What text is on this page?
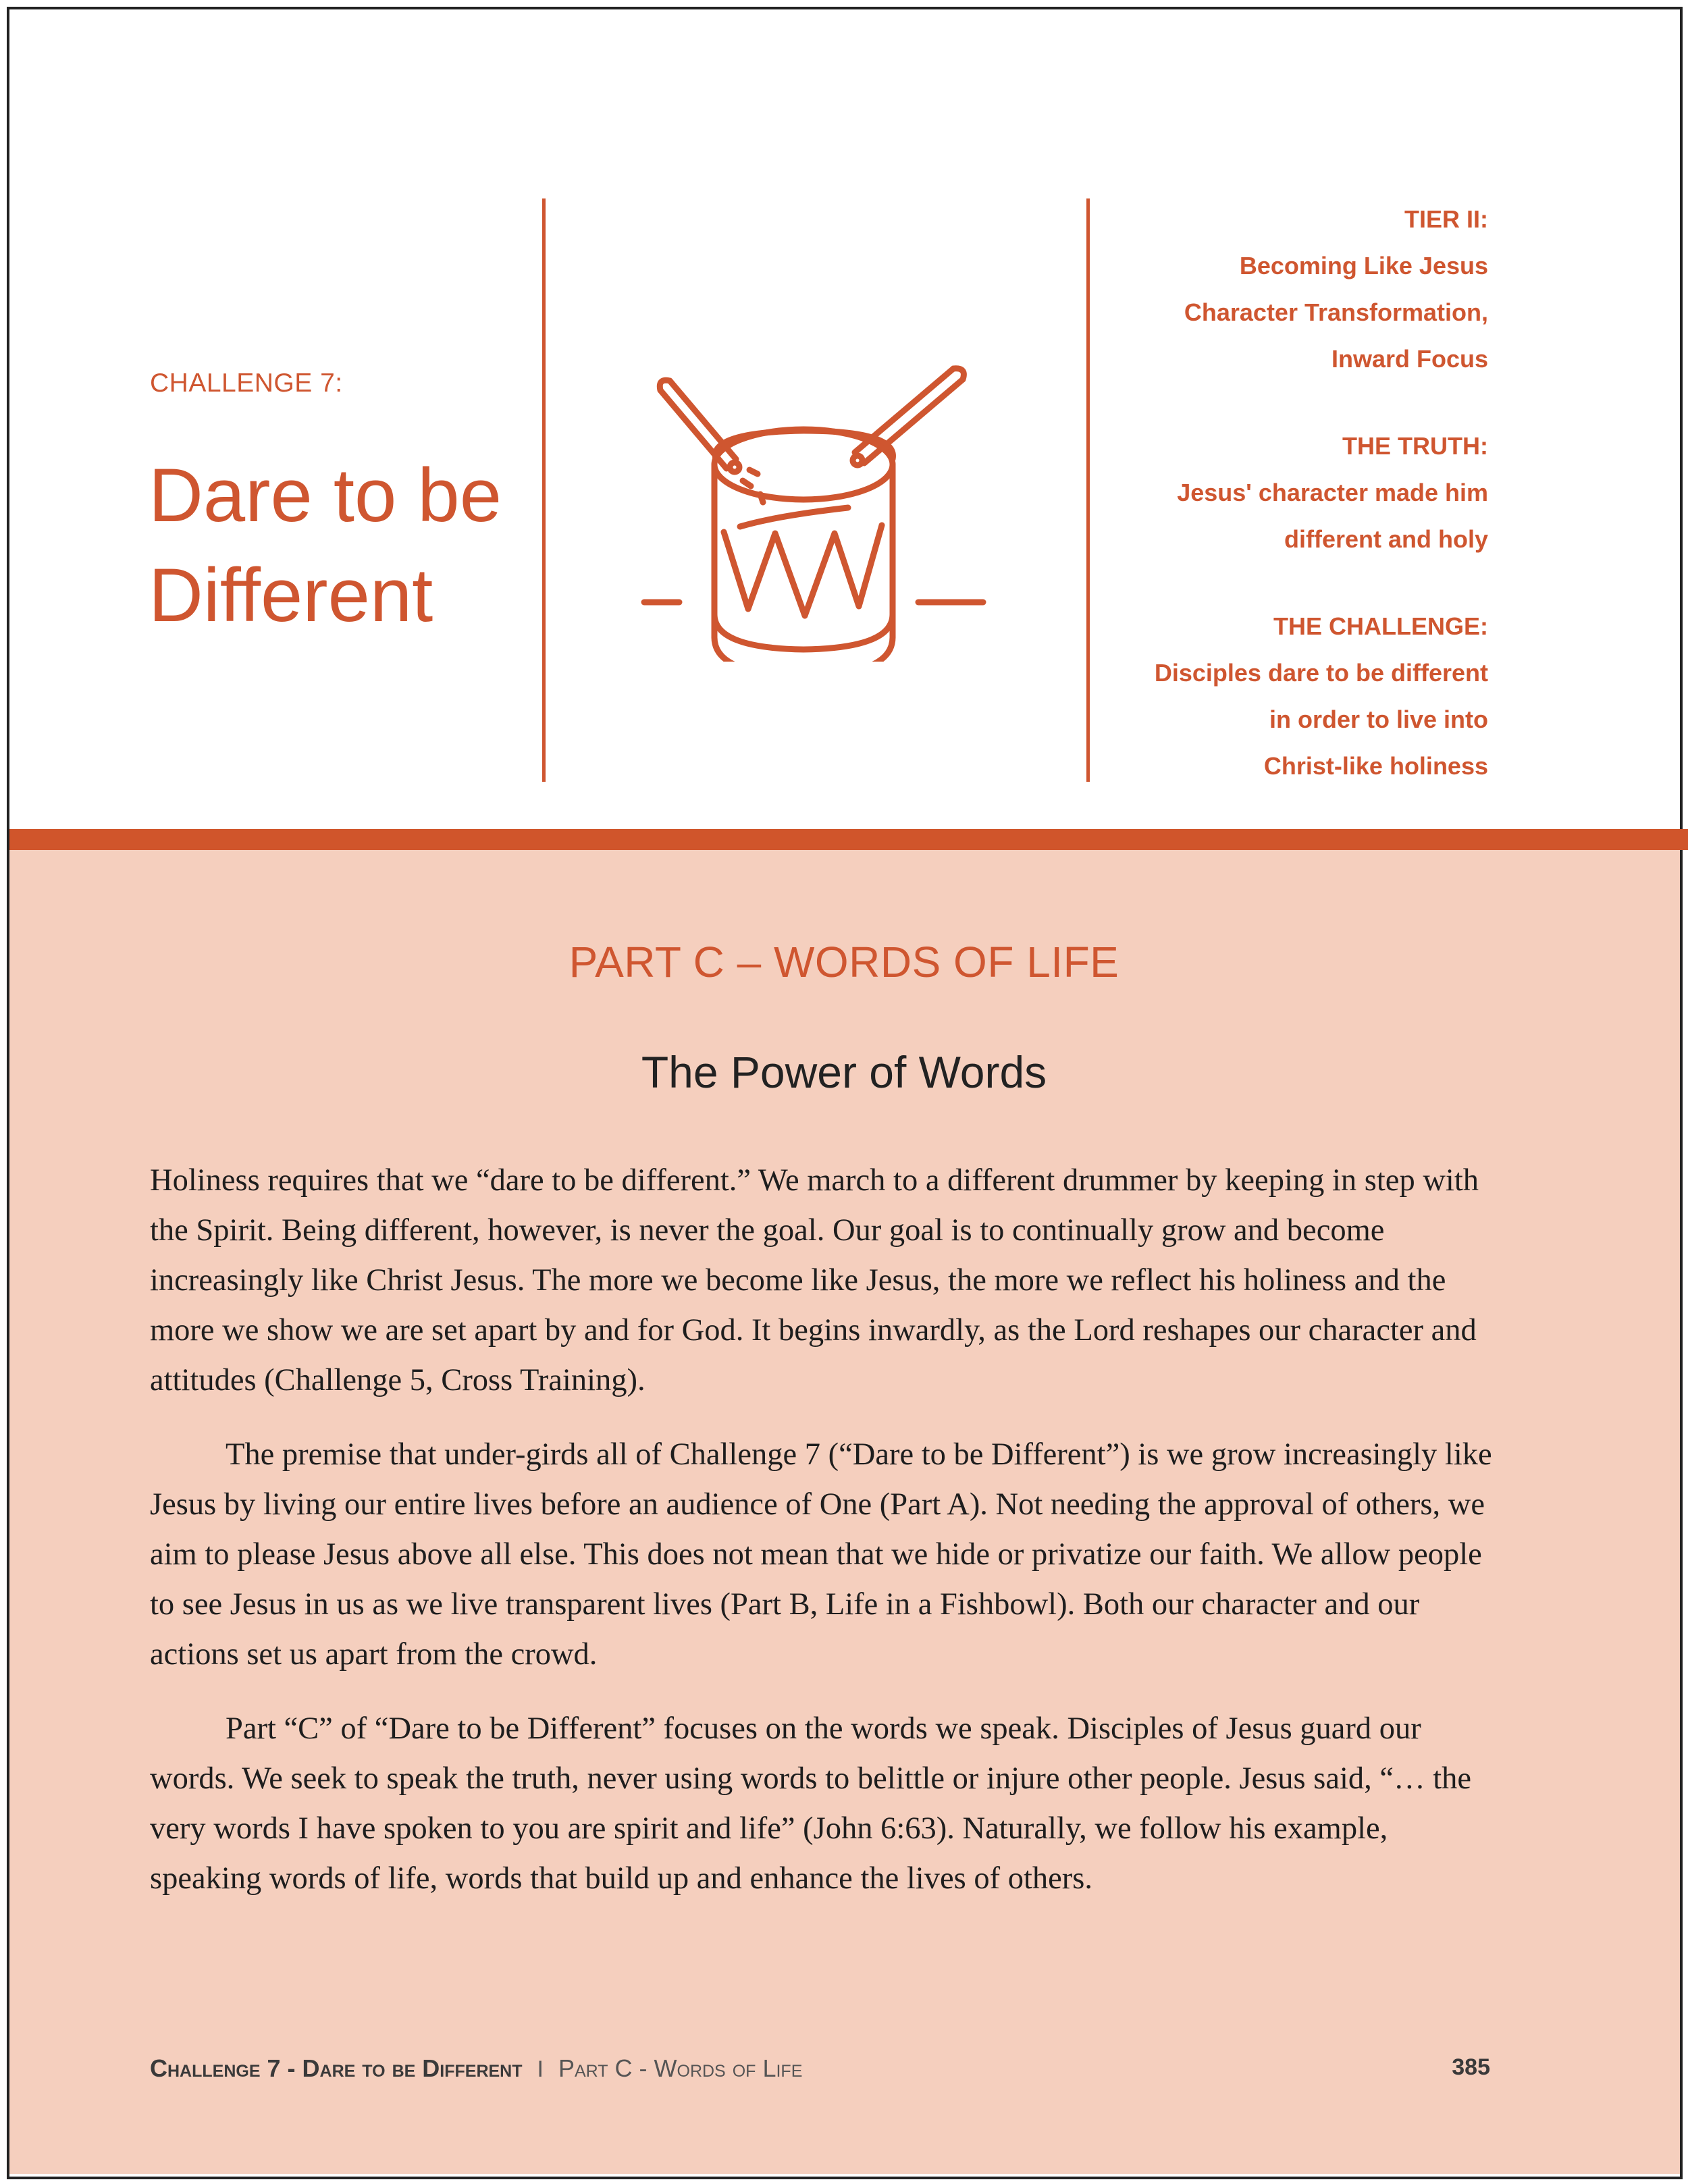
CHALLENGE 7:
Dare to be
Different
TIER II:
Becoming Like Jesus
Character Transformation,
Inward Focus
THE TRUTH:
Jesus' character made him
different and holy
THE CHALLENGE:
Disciples dare to be different
in order to live into
Christ-like holiness
PART C – WORDS OF LIFE
The Power of Words

Holiness requires that we “dare to be different.” We march to a different drummer by keeping in step with the Spirit. Being different, however, is never the goal. Our goal is to continually grow and become increasingly like Christ Jesus. The more we become like Jesus, the more we reflect his holiness and the more we show we are set apart by and for God. It begins inwardly, as the Lord reshapes our character and attitudes (Challenge 5, Cross Training).

The premise that under-girds all of Challenge 7 (“Dare to be Different”) is we grow increasingly like Jesus by living our entire lives before an audience of One (Part A). Not needing the approval of others, we aim to please Jesus above all else. This does not mean that we hide or privatize our faith. We allow people to see Jesus in us as we live transparent lives (Part B, Life in a Fishbowl). Both our character and our actions set us apart from the crowd.

Part “C” of “Dare to be Different” focuses on the words we speak. Disciples of Jesus guard our words. We seek to speak the truth, never using words to belittle or injure other people. Jesus said, “… the very words I have spoken to you are spirit and life” (John 6:63). Naturally, we follow his example, speaking words of life, words that build up and enhance the lives of others.

Challenge 7 - Dare to be Different I Part C - Words of Life	385
